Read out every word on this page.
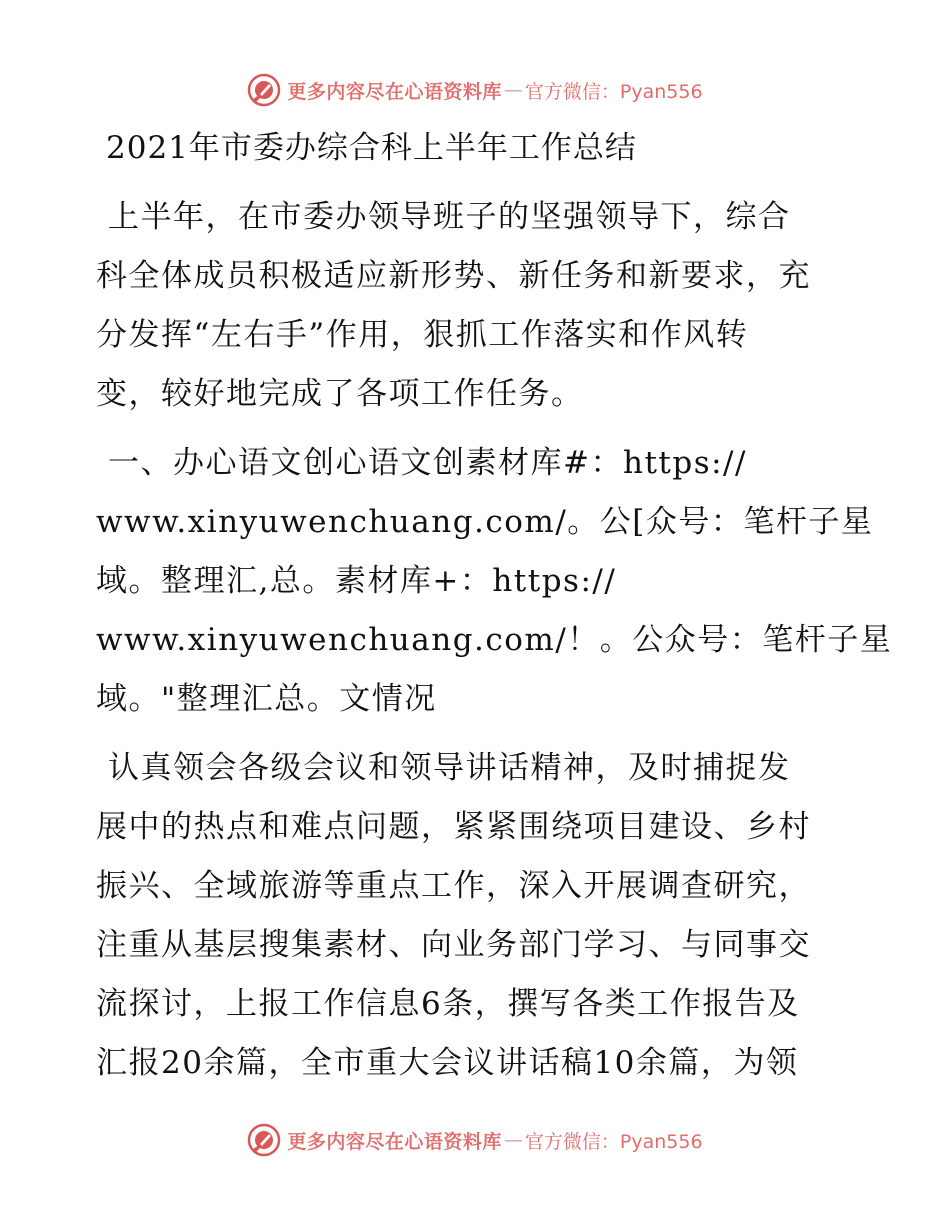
更多内容尽在心语资料库 — 官方微信：Pyan556
2021年市委办综合科上半年工作总结

上半年，在市委办领导班子的坚强领导下，综合
科全体成员积极适应新形势、新任务和新要求，充
分发挥“左右手”作用，狠抓工作落实和作风转
变，较好地完成了各项工作任务。

一、办心语文创心语文创素材库#：https://
www.xinyuwenchuang.com/。公[众号：笔杆子星
域。整理汇,总。素材库+：https://
www.xinyuwenchuang.com/！。公众号：笔杆子星
域。"整理汇总。文情况

认真领会各级会议和领导讲话精神，及时捕捉发
展中的热点和难点问题，紧紧围绕项目建设、乡村
振兴、全域旅游等重点工作，深入开展调查研究，
注重从基层搜集素材、向业务部门学习、与同事交
流探讨，上报工作信息6条，撰写各类工作报告及
汇报20余篇，全市重大会议讲话稿10余篇，为领

更多内容尽在心语资料库 — 官方微信：Pyan556
